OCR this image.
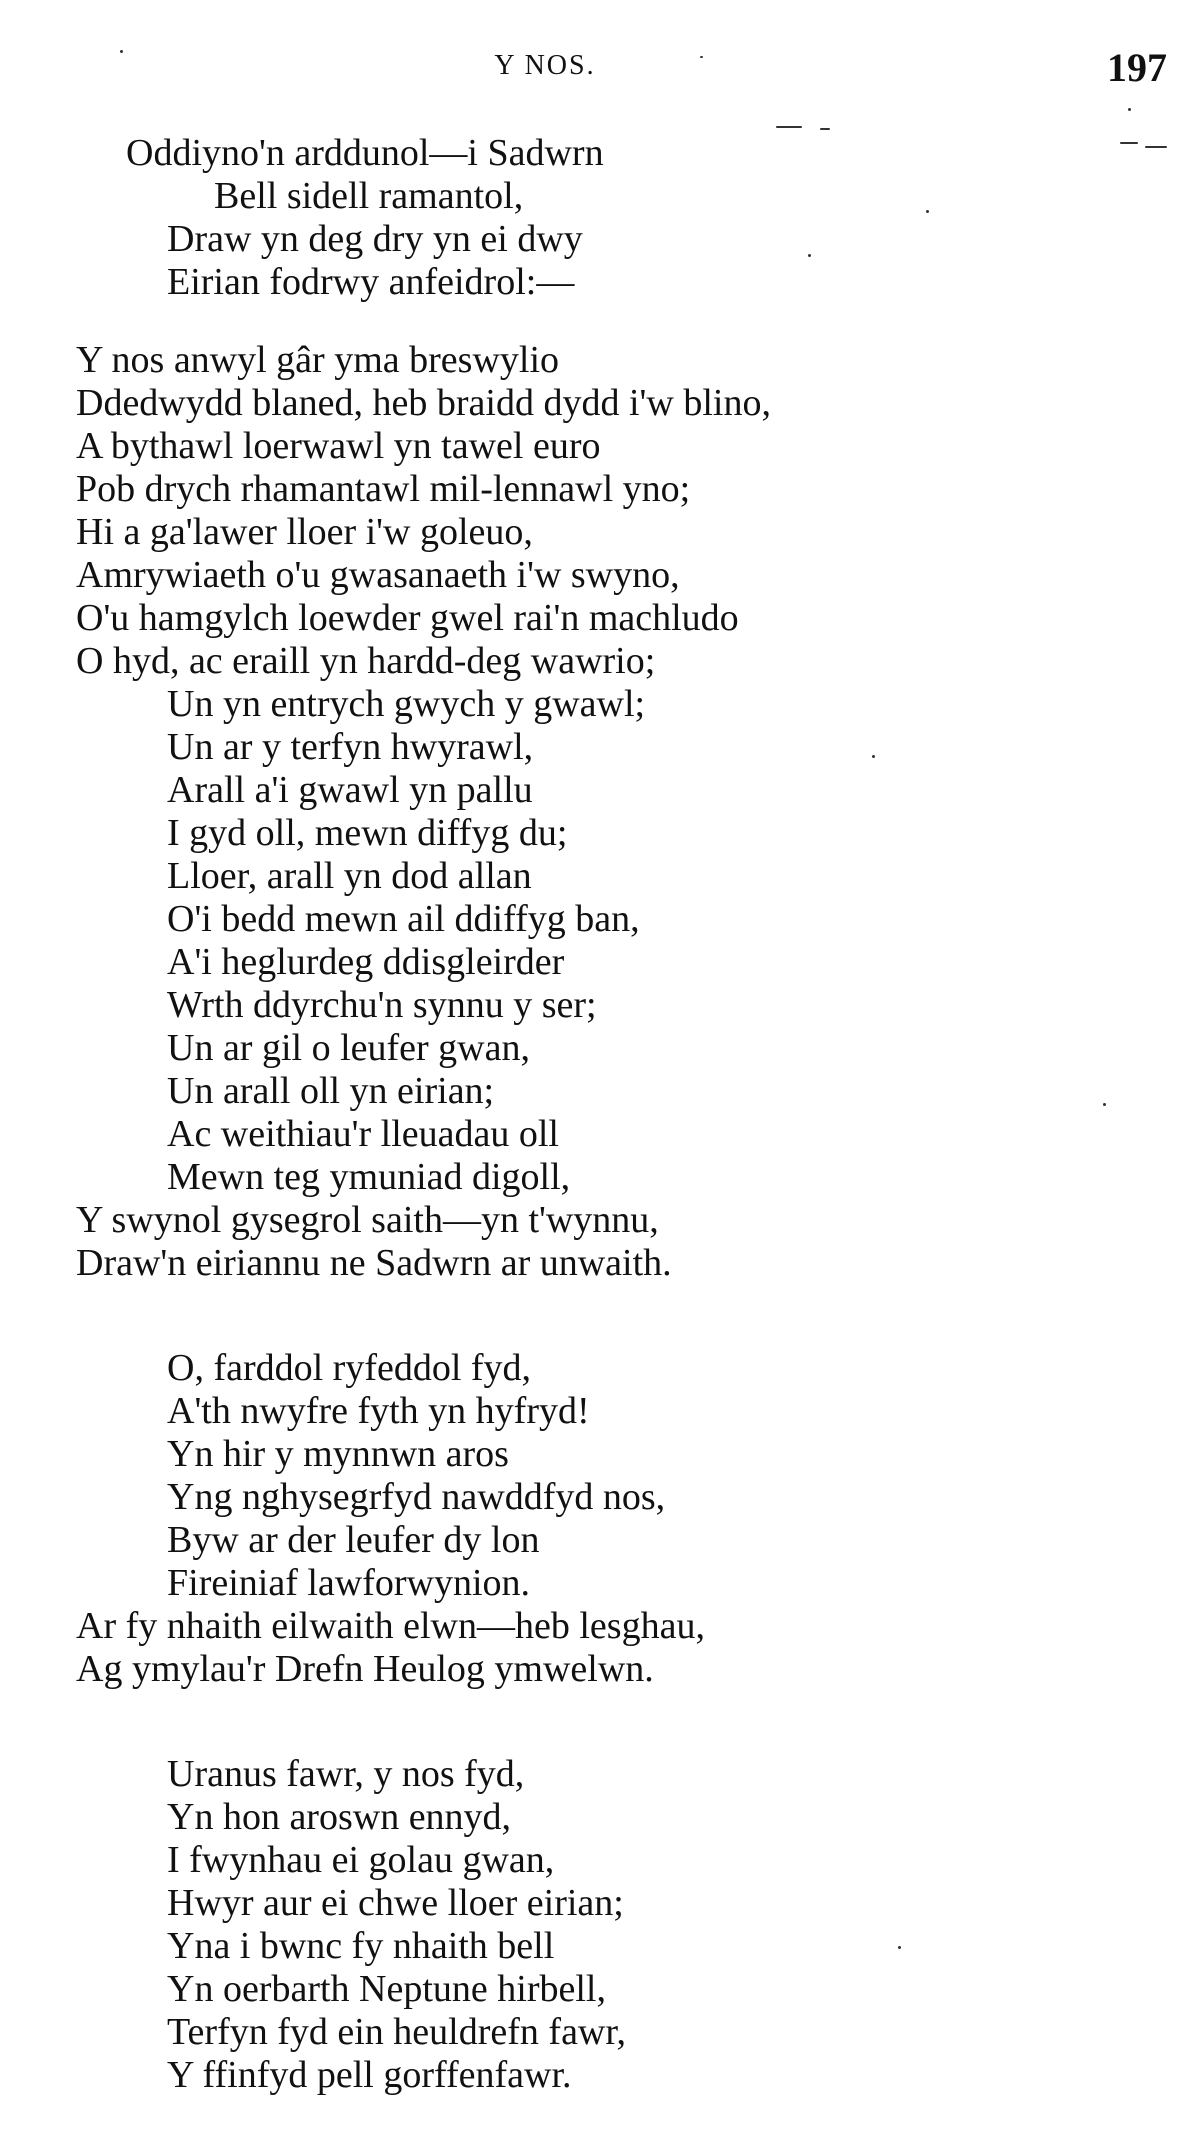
Y NOS.	197
Oddiyno'n arddunol—i Sadwrn
Bell sidell ramantol,
Draw yn deg dry yn ei dwy
Eirian fodrwy anfeidrol:—
Y nos anwyl gâr yma breswylio
Ddedwydd blaned, heb braidd dydd i'w blino,
A bythawl loerwawl yn tawel euro
Pob drych rhamantawl mil-lennawl yno;
Hi a ga'lawer lloer i'w goleuo,
Amrywiaeth o'u gwasanaeth i'w swyno,
O'u hamgylch loewder gwel rai'n machludo
O hyd, ac eraill yn hardd-deg wawrio;
Un yn entrych gwych y gwawl;
Un ar y terfyn hwyrawl,
Arall a'i gwawl yn pallu
I gyd oll, mewn diffyg du;
Lloer, arall yn dod allan
O'i bedd mewn ail ddiffyg ban,
A'i heglurdeg ddisgleirder
Wrth ddyrchu'n synnu y ser;
Un ar gil o leufer gwan,
Un arall oll yn eirian;
Ac weithiau'r lleuadau oll
Mewn teg ymuniad digoll,
Y swynol gysegrol saith—yn t'wynnu,
Draw'n eiriannu ne Sadwrn ar unwaith.
O, farddol ryfeddol fyd,
A'th nwyfre fyth yn hyfryd!
Yn hir y mynnwn aros
Yng nghysegrfyd nawddfyd nos,
Byw ar der leufer dy lon
Fireiniaf lawforwynion.
Ar fy nhaith eilwaith elwn—heb lesghau,
Ag ymylau'r Drefn Heulog ymwelwn.
Uranus fawr, y nos fyd,
Yn hon aroswn ennyd,
I fwynhau ei golau gwan,
Hwyr aur ei chwe lloer eirian;
Yna i bwnc fy nhaith bell
Yn oerbarth Neptune hirbell,
Terfyn fyd ein heuldrefn fawr,
Y ffinfyd pell gorffenfawr.
